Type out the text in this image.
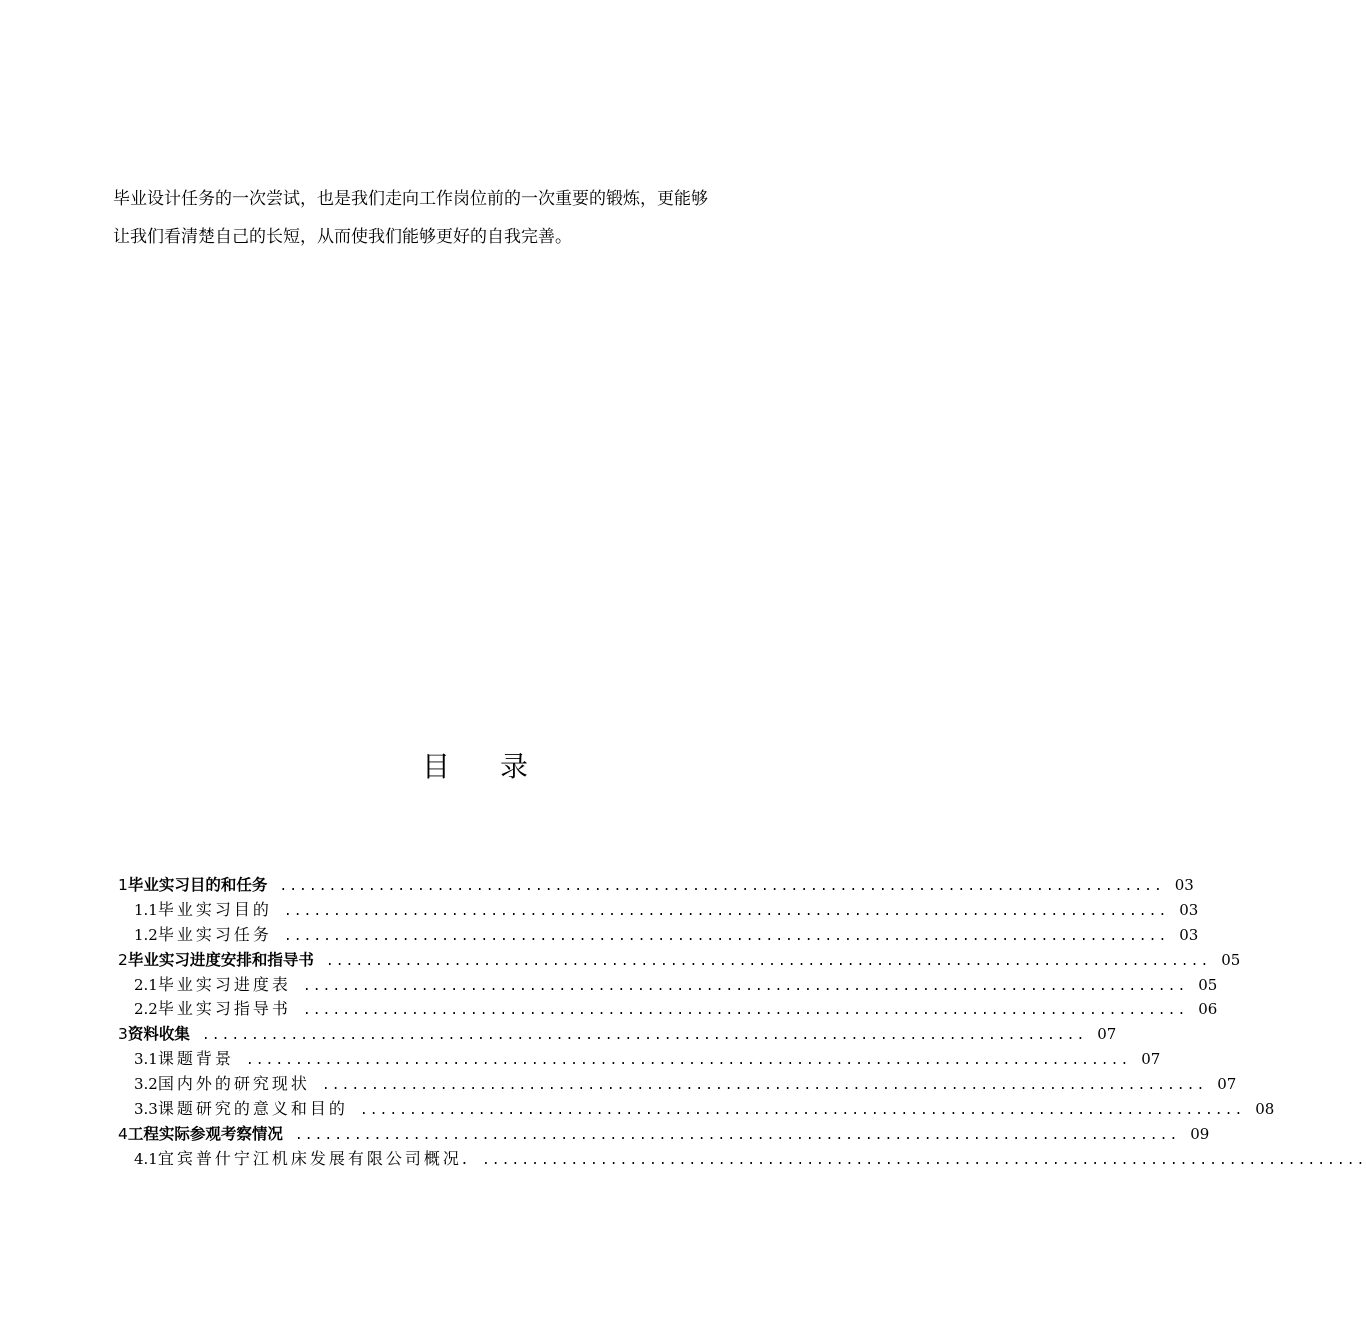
毕业设计任务的一次尝试，也是我们走向工作岗位前的一次重要的锻炼，更能够

让我们看清楚自己的长短，从而使我们能够更好的自我完善。

目录
1 毕业实习目的和任务 .......................................................................................... 03
1.1 毕业实习目的 .......................................................................................... 03
1.2 毕业实习任务 .......................................................................................... 03
2 毕业实习进度安排和指导书 .......................................................................................... 05
2.1 毕业实习进度表 .......................................................................................... 05
2.2 毕业实习指导书 .......................................................................................... 06
3 资料收集 .......................................................................................... 07
3.1 课题背景 .......................................................................................... 07
3.2 国内外的研究现状 .......................................................................................... 07
3.3 课题研究的意义和目的 .......................................................................................... 08
4 工程实际参观考察情况 .......................................................................................... 09
4.1 宜宾普什宁江机床发展有限公司概况. ..........................................................................................
